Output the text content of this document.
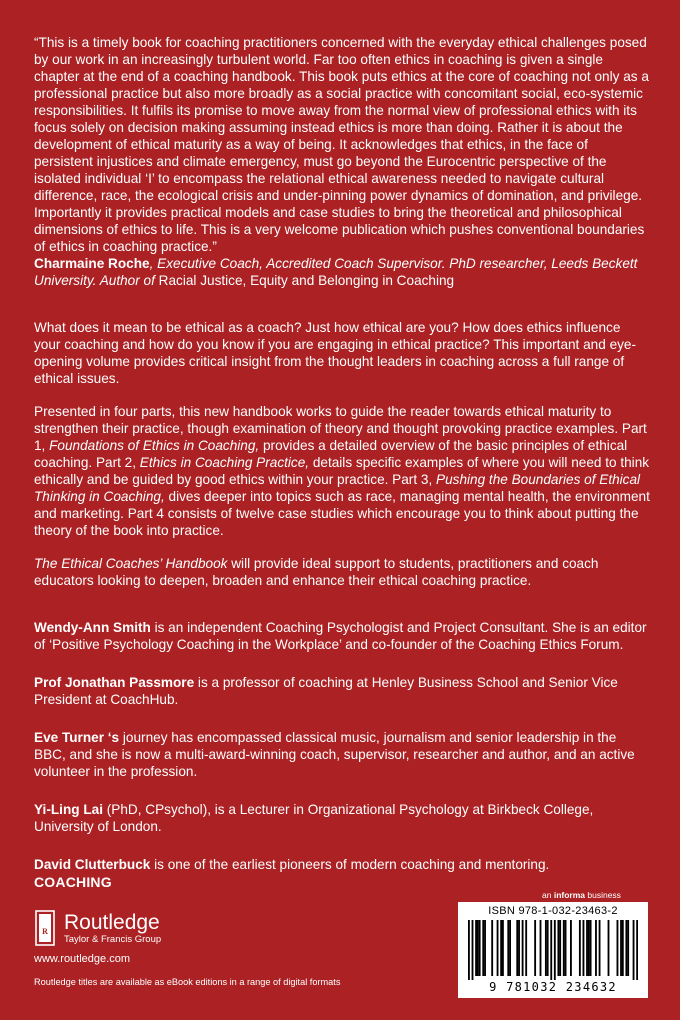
“This is a timely book for coaching practitioners concerned with the everyday ethical challenges posed by our work in an increasingly turbulent world. Far too often ethics in coaching is given a single chapter at the end of a coaching handbook. This book puts ethics at the core of coaching not only as a professional practice but also more broadly as a social practice with concomitant social, eco-systemic responsibilities. It fulfils its promise to move away from the normal view of professional ethics with its focus solely on decision making assuming instead ethics is more than doing. Rather it is about the development of ethical maturity as a way of being. It acknowledges that ethics, in the face of persistent injustices and climate emergency, must go beyond the Eurocentric perspective of the isolated individual ‘I’ to encompass the relational ethical awareness needed to navigate cultural difference, race, the ecological crisis and under-pinning power dynamics of domination, and privilege. Importantly it provides practical models and case studies to bring the theoretical and philosophical dimensions of ethics to life. This is a very welcome publication which pushes conventional boundaries of ethics in coaching practice.”

Charmaine Roche, Executive Coach, Accredited Coach Supervisor. PhD researcher, Leeds Beckett University. Author of Racial Justice, Equity and Belonging in Coaching

What does it mean to be ethical as a coach? Just how ethical are you? How does ethics influence your coaching and how do you know if you are engaging in ethical practice? This important and eye-opening volume provides critical insight from the thought leaders in coaching across a full range of ethical issues.

Presented in four parts, this new handbook works to guide the reader towards ethical maturity to strengthen their practice, though examination of theory and thought provoking practice examples. Part 1, Foundations of Ethics in Coaching, provides a detailed overview of the basic principles of ethical coaching. Part 2, Ethics in Coaching Practice, details specific examples of where you will need to think ethically and be guided by good ethics within your practice. Part 3, Pushing the Boundaries of Ethical Thinking in Coaching, dives deeper into topics such as race, managing mental health, the environment and marketing. Part 4 consists of twelve case studies which encourage you to think about putting the theory of the book into practice.

The Ethical Coaches’ Handbook will provide ideal support to students, practitioners and coach educators looking to deepen, broaden and enhance their ethical coaching practice.

Wendy-Ann Smith is an independent Coaching Psychologist and Project Consultant. She is an editor of ‘Positive Psychology Coaching in the Workplace’ and co-founder of the Coaching Ethics Forum.

Prof Jonathan Passmore is a professor of coaching at Henley Business School and Senior Vice President at CoachHub.

Eve Turner ‘s journey has encompassed classical music, journalism and senior leadership in the BBC, and she is now a multi-award-winning coach, supervisor, researcher and author, and an active volunteer in the profession.

Yi-Ling Lai (PhD, CPsychol), is a Lecturer in Organizational Psychology at Birkbeck College, University of London.

David Clutterbuck is one of the earliest pioneers of modern coaching and mentoring.

COACHING
R Routledge
Taylor & Francis Group
www.routledge.com
Routledge titles are available as eBook editions in a range of digital formats
an informa business
ISBN 978-1-032-23463-2
9 781032 234632
